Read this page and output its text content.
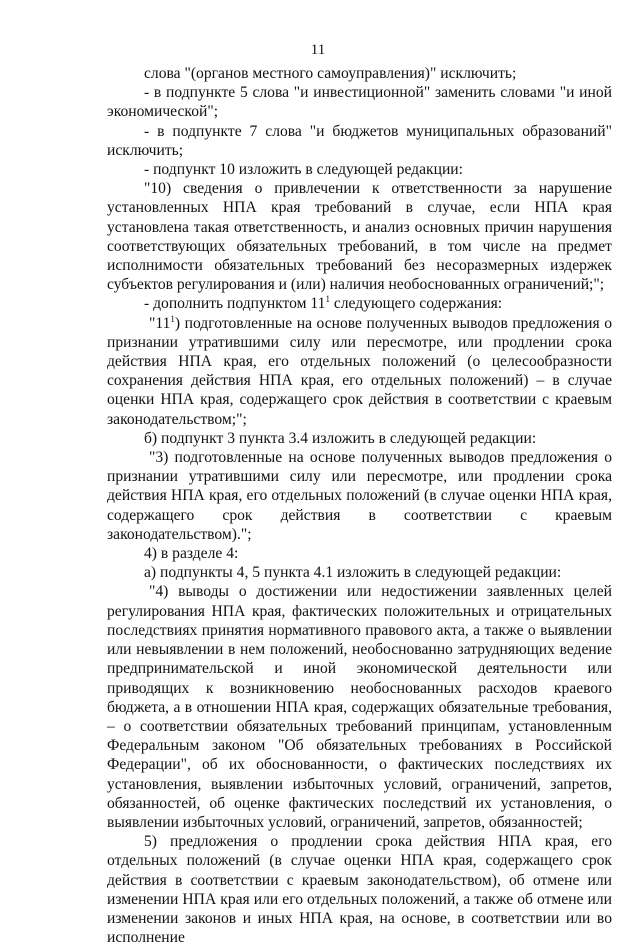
11

слова "(органов местного самоуправления)" исключить;

- в подпункте 5 слова "и инвестиционной" заменить словами "и иной экономической";

- в подпункте 7 слова "и бюджетов муниципальных образований" исключить;

- подпункт 10 изложить в следующей редакции:

"10) сведения о привлечении к ответственности за нарушение установленных НПА края требований в случае, если НПА края установлена такая ответственность, и анализ основных причин нарушения соответствующих обязательных требований, в том числе на предмет исполнимости обязательных требований без несоразмерных издержек субъектов регулирования и (или) наличия необоснованных ограничений;";

- дополнить подпунктом $11^1$ следующего содержания:

"$11^1$) подготовленные на основе полученных выводов предложения о признании утратившими силу или пересмотре, или продлении срока действия НПА края, его отдельных положений (о целесообразности сохранения действия НПА края, его отдельных положений) – в случае оценки НПА края, содержащего срок действия в соответствии с краевым законодательством;";

б) подпункт 3 пункта 3.4 изложить в следующей редакции:

"3) подготовленные на основе полученных выводов предложения о признании утратившими силу или пересмотре, или продлении срока действия НПА края, его отдельных положений (в случае оценки НПА края, содержащего срок действия в соответствии с краевым законодательством).";

4) в разделе 4:

а) подпункты 4, 5 пункта 4.1 изложить в следующей редакции:

"4) выводы о достижении или недостижении заявленных целей регулирования НПА края, фактических положительных и отрицательных последствиях принятия нормативного правового акта, а также о выявлении или невыявлении в нем положений, необоснованно затрудняющих ведение предпринимательской и иной экономической деятельности или приводящих к возникновению необоснованных расходов краевого бюджета, а в отношении НПА края, содержащих обязательные требования, – о соответствии обязательных требований принципам, установленным Федеральным законом "Об обязательных требованиях в Российской Федерации", об их обоснованности, о фактических последствиях их установления, выявлении избыточных условий, ограничений, запретов, обязанностей, об оценке фактических последствий их установления, о выявлении избыточных условий, ограничений, запретов, обязанностей;

5) предложения о продлении срока действия НПА края, его отдельных положений (в случае оценки НПА края, содержащего срок действия в соответствии с краевым законодательством), об отмене или изменении НПА края или его отдельных положений, а также об отмене или изменении законов и иных НПА края, на основе, в соответствии или во исполнение
